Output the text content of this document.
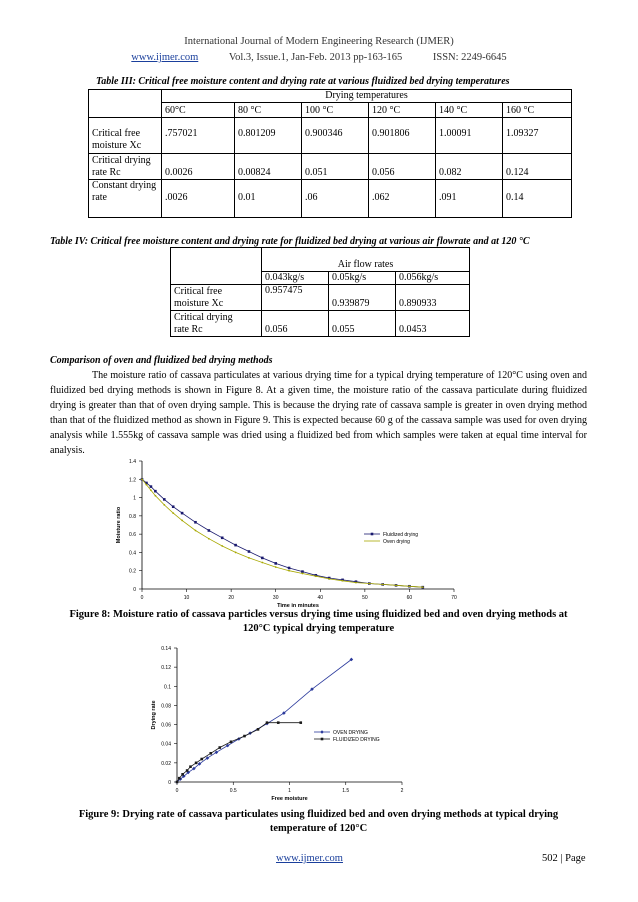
International Journal of Modern Engineering Research (IJMER)
www.ijmer.com	Vol.3, Issue.1, Jan-Feb. 2013 pp-163-165	ISSN: 2249-6645
Table III: Critical free moisture content and drying rate at various fluidized bed drying temperatures
	Drying temperatures					
	60°C	80 °C	100 °C	120 °C	140 °C	160 °C
Critical free
moisture Xc	.757021	0.801209	0.900346	0.901806	1.00091	1.09327
Critical drying
rate Rc	0.0026	0.00824	0.051	0.056	0.082	0.124
Constant drying
rate	.0026	0.01	.06	.062	.091	0.14
Table IV: Critical free moisture content and drying rate for fluidized bed drying at various air flowrate and at 120 °C
	Air flow rates		
	0.043kg/s	0.05kg/s	0.056kg/s
Critical free
moisture Xc	0.957475	0.939879	0.890933
Critical drying
rate Rc	0.056	0.055	0.0453
Comparison of oven and fluidized bed drying methods
The moisture ratio of cassava particulates at various drying time for a typical drying temperature of 120°C using oven and fluidized bed drying methods is shown in Figure 8. At a given time, the moisture ratio of the cassava particulate during fluidized drying is greater than that of oven drying sample. This is because the drying rate of cassava sample is greater in oven drying method than that of the fluidized method as shown in Figure 9. This is expected because 60 g of the cassava sample was used for oven drying analysis while 1.555kg of cassava sample was dried using a fluidized bed from which samples were taken at equal time interval for analysis.
0
0.2
0.4
0.6
0.8
1
1.2
1.4
0	10	20	30	40	50	60	70
Time in minutes
Moisture ratio	Fluidized drying
Oven drying
Figure 8: Moisture ratio of cassava particles versus drying time using fluidized bed and oven drying methods at
120°C typical drying temperature
0
0.02
0.04
0.06
0.08
0.1
0.12
0.14
0	0.5	1	1.5	2
Free moisture
Drying rate
OVEN DRYING
FLUIDIZED DRYING
Figure 9: Drying rate of cassava particulates using fluidized bed and oven drying methods at typical drying
temperature of 120°C
www.ijmer.com	502 | Page
